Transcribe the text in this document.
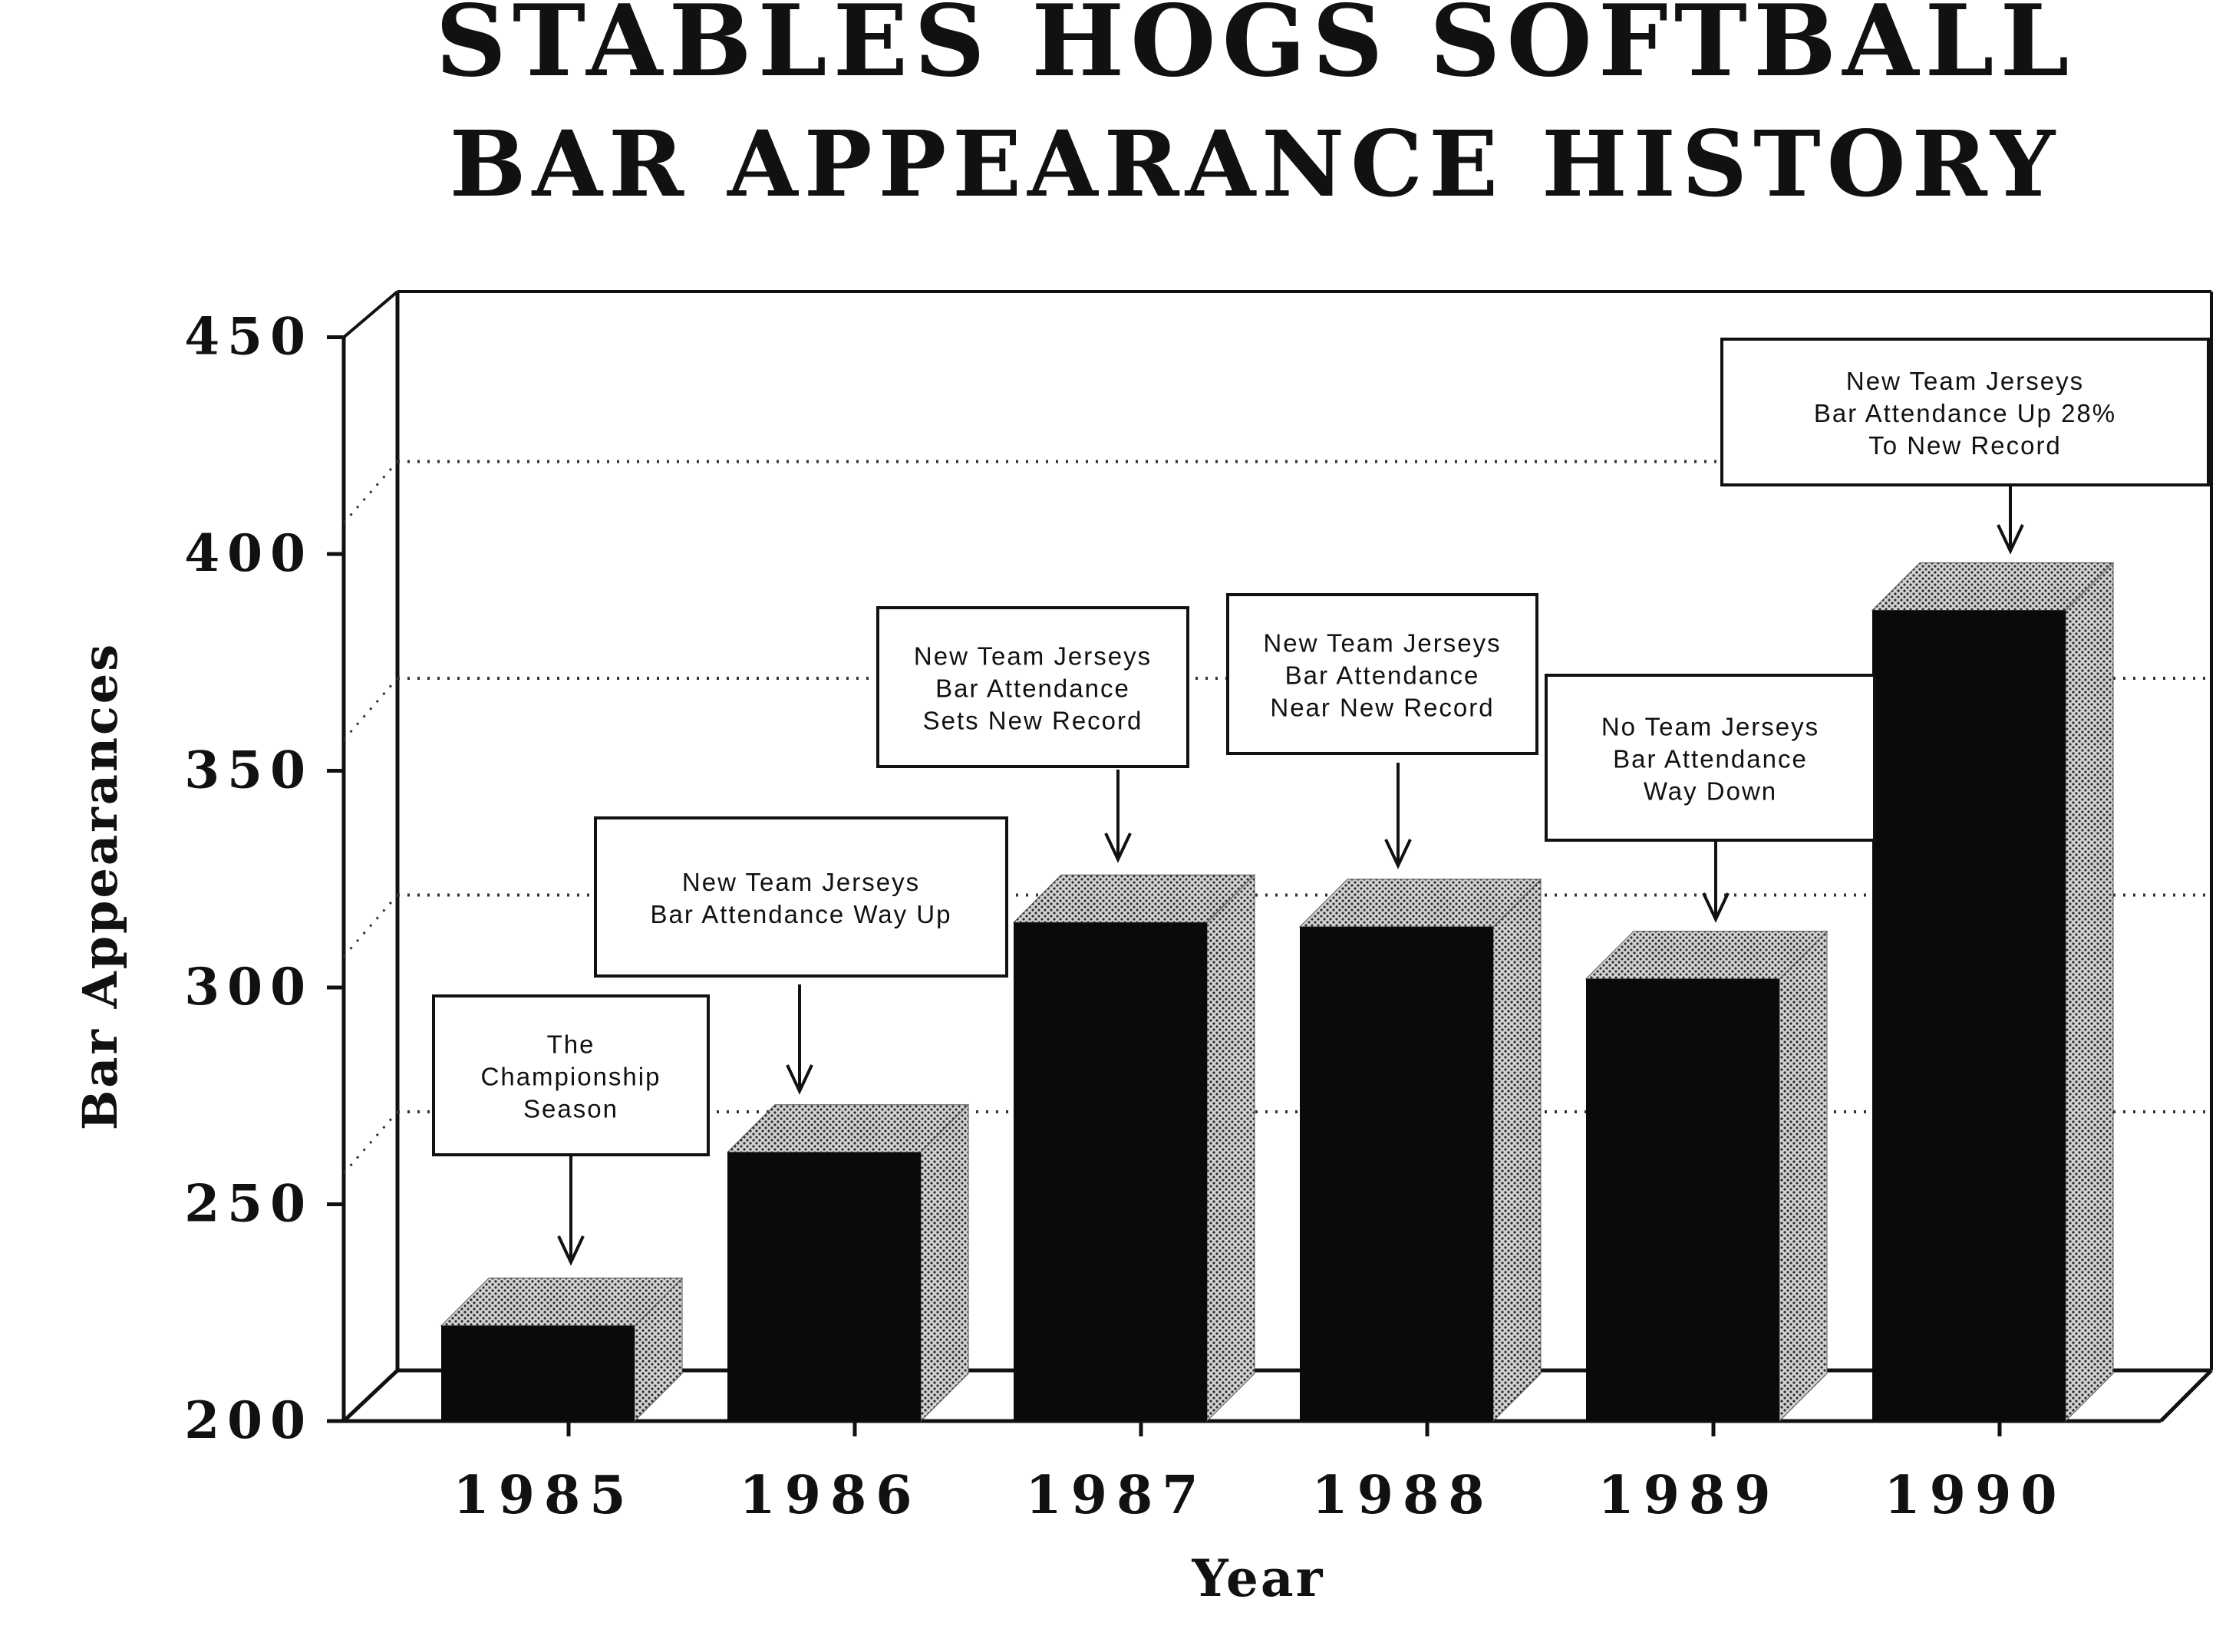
STABLES HOGS SOFTBALL
BAR APPEARANCE HISTORY
The
Championship
Season
New Team Jerseys
Bar Attendance Way Up
New Team Jerseys
Bar Attendance
Sets New Record
New Team Jerseys
Bar Attendance
Near New Record
No Team Jerseys
Bar Attendance
Way Down
New Team Jerseys
Bar Attendance Up 28%
To New Record
200
250
300
350
400
450
1985 1986 1987 1988 1989 1990
Bar Appearances
Year
